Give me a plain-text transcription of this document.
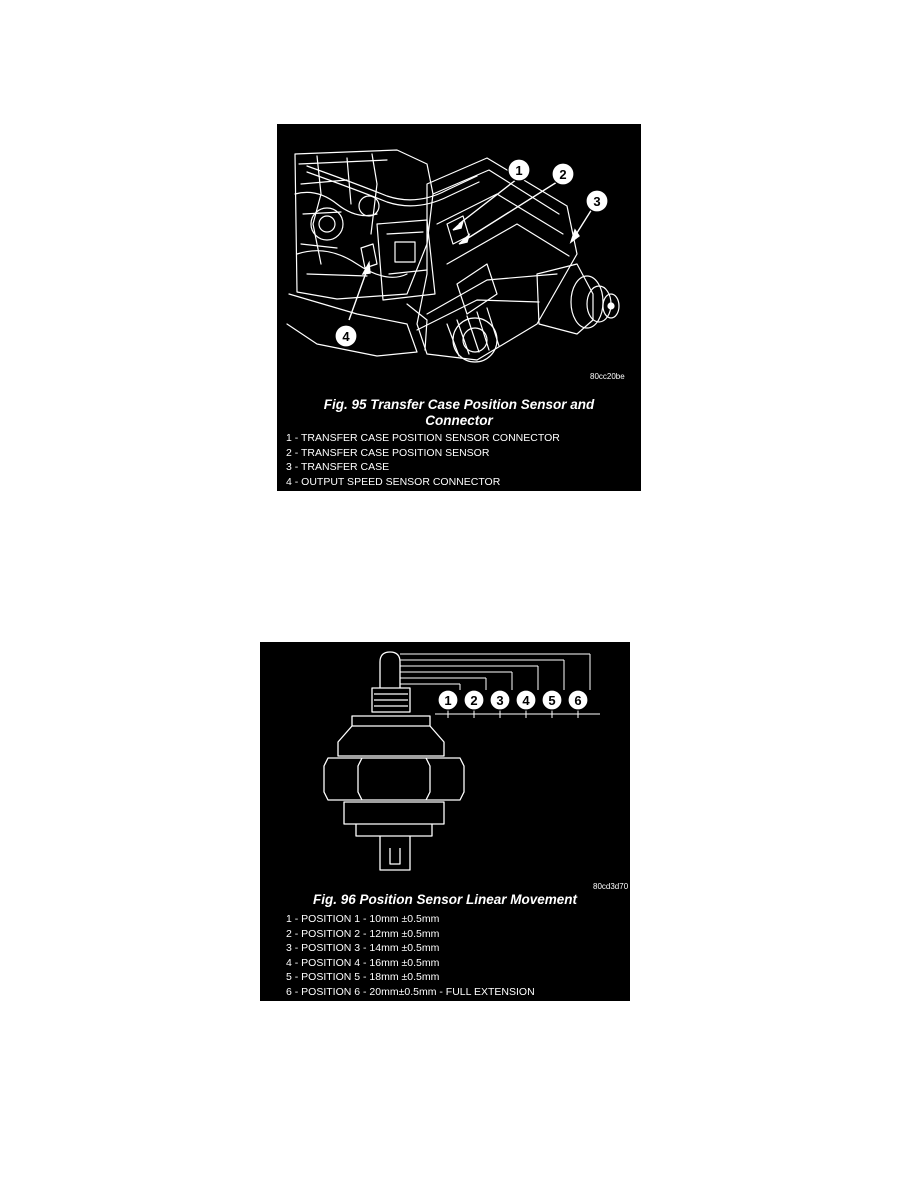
1	2
3
4
80cc20be
Fig. 95 Transfer Case Position Sensor and
Connector
1 - TRANSFER CASE POSITION SENSOR CONNECTOR
2 - TRANSFER CASE POSITION SENSOR
3 - TRANSFER CASE
4 - OUTPUT SPEED SENSOR CONNECTOR
1 2 3 4 5 6
80cd3d70
Fig. 96 Position Sensor Linear Movement
1 - POSITION 1 - 10mm ±0.5mm
2 - POSITION 2 - 12mm ±0.5mm
3 - POSITION 3 - 14mm ±0.5mm
4 - POSITION 4 - 16mm ±0.5mm
5 - POSITION 5 - 18mm ±0.5mm
6 - POSITION 6 - 20mm±0.5mm - FULL EXTENSION
